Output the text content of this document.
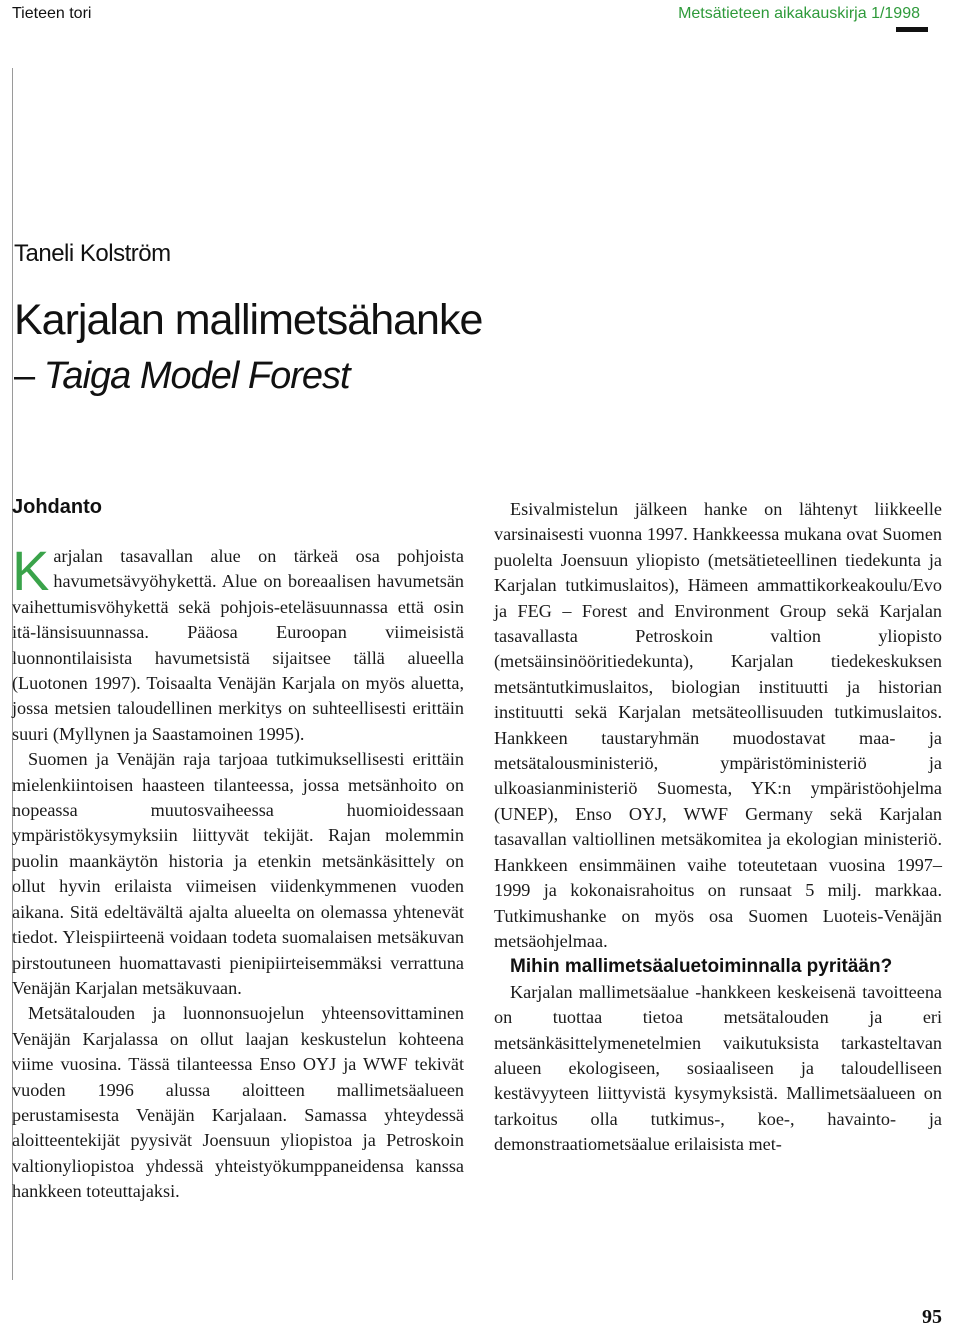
Tieteen tori	Metsätieteen aikakauskirja 1/1998
Taneli Kolström
Karjalan mallimetsähanke
– Taiga Model Forest
Johdanto

Karjalan tasavallan alue on tärkeä osa pohjoista havumetsävyöhykettä. Alue on boreaalisen havumetsän vaihettumisvöhykettä sekä pohjois-eteläsuunnassa että osin itä-länsisuunnassa. Pääosa Euroopan viimeisistä luonnontilaisista havumetsistä sijaitsee tällä alueella (Luotonen 1997). Toisaalta Venäjän Karjala on myös aluetta, jossa metsien taloudellinen merkitys on suhteellisesti erittäin suuri (Myllynen ja Saastamoinen 1995).

Suomen ja Venäjän raja tarjoaa tutkimuksellisesti erittäin mielenkiintoisen haasteen tilanteessa, jossa metsänhoito on nopeassa muutosvaiheessa huomioidessaan ympäristökysymyksiin liittyvät tekijät. Rajan molemmin puolin maankäytön historia ja etenkin metsänkäsittely on ollut hyvin erilaista viimeisen viidenkymmenen vuoden aikana. Sitä edeltävältä ajalta alueelta on olemassa yhtenevät tiedot. Yleispiirteenä voidaan todeta suomalaisen metsäkuvan pirstoutuneen huomattavasti pienipiirteisemmäksi verrattuna Venäjän Karjalan metsäkuvaan.

Metsätalouden ja luonnonsuojelun yhteensovittaminen Venäjän Karjalassa on ollut laajan keskustelun kohteena viime vuosina. Tässä tilanteessa Enso OYJ ja WWF tekivät vuoden 1996 alussa aloitteen mallimetsäalueen perustamisesta Venäjän Karjalaan. Samassa yhteydessä aloitteentekijät pyysivät Joensuun yliopistoa ja Petroskoin valtionyliopistoa yhdessä yhteistyökumppaneidensa kanssa hankkeen toteuttajaksi.

Esivalmistelun jälkeen hanke on lähtenyt liikkeelle varsinaisesti vuonna 1997. Hankkeessa mukana ovat Suomen puolelta Joensuun yliopisto (metsätieteellinen tiedekunta ja Karjalan tutkimuslaitos), Hämeen ammattikorkeakoulu/Evo ja FEG – Forest and Environment Group sekä Karjalan tasavallasta Petroskoin valtion yliopisto (metsäinsinööritiedekunta), Karjalan tiedekeskuksen metsäntutkimuslaitos, biologian instituutti ja historian instituutti sekä Karjalan metsäteollisuuden tutkimuslaitos. Hankkeen taustaryhmän muodostavat maa- ja metsätalousministeriö, ympäristöministeriö ja ulkoasianministeriö Suomesta, YK:n ympäristöohjelma (UNEP), Enso OYJ, WWF Germany sekä Karjalan tasavallan valtiollinen metsäkomitea ja ekologian ministeriö. Hankkeen ensimmäinen vaihe toteutetaan vuosina 1997–1999 ja kokonaisrahoitus on runsaat 5 milj. markkaa. Tutkimushanke on myös osa Suomen Luoteis-Venäjän metsäohjelmaa.

Mihin mallimetsäaluetoiminnalla pyritään?

Karjalan mallimetsäalue -hankkeen keskeisenä tavoitteena on tuottaa tietoa metsätalouden ja eri metsänkäsittelymenetelmien vaikutuksista tarkasteltavan alueen ekologiseen, sosiaaliseen ja taloudelliseen kestävyyteen liittyvistä kysymyksistä. Mallimetsäalueen on tarkoitus olla tutkimus-, koe-, havainto- ja demonstraatiometsäalue erilaisista met-

95
